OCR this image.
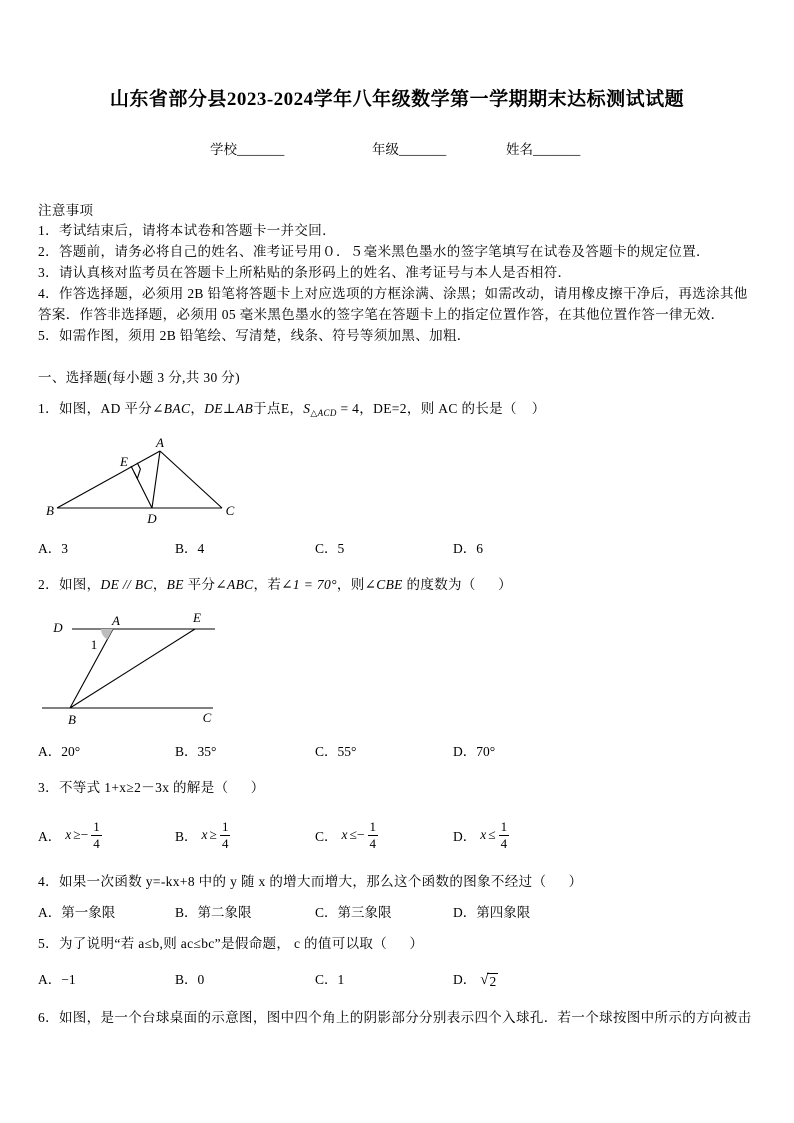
山东省部分县2023-2024学年八年级数学第一学期期末达标测试试题
学校_______	年级_______	姓名_______
注意事项
1．考试结束后，请将本试卷和答题卡一并交回．
2．答题前，请务必将自己的姓名、准考证号用０．５毫米黑色墨水的签字笔填写在试卷及答题卡的规定位置．
3．请认真核对监考员在答题卡上所粘贴的条形码上的姓名、准考证号与本人是否相符．
4．作答选择题，必须用 2B 铅笔将答题卡上对应选项的方框涂满、涂黑；如需改动，请用橡皮擦干净后，再选涂其他
答案．作答非选择题，必须用 05 毫米黑色墨水的签字笔在答题卡上的指定位置作答，在其他位置作答一律无效．
5．如需作图，须用 2B 铅笔绘、写清楚，线条、符号等须加黑、加粗．
一、选择题(每小题 3 分,共 30 分)
1．如图，AD 平分∠BAC，DE⊥AB于点E，$S_{\triangle ACD} = 4$，DE=2，则 AC 的长是（    ）
A
E
B	C
D
A．3	B．4	C．5	D．6
2．如图，DE // BC，BE 平分∠ABC，若∠1 = 70°，则∠CBE 的度数为（      ）
D	A	E
B	C
1
A．20°	B．35°	C．55°	D．70°
3．不等式 1+x≥2－3x 的解是（      ）
A． $x \ge- \frac{1}{4}$	B． $x \ge \frac{1}{4}$	C． $x \le- \frac{1}{4}$	D． $x \le \frac{1}{4}$
4．如果一次函数 y=-kx+8 中的 y 随 x 的增大而增大，那么这个函数的图象不经过（      ）
A．第一象限	B．第二象限	C．第三象限	D．第四象限
5．为了说明“若 a≤b,则 ac≤bc”是假命题， c 的值可以取（      ）
A．−1	B．0	C．1	D． √ 2
6．如图，是一个台球桌面的示意图，图中四个角上的阴影部分分别表示四个入球孔．若一个球按图中所示的方向被击
